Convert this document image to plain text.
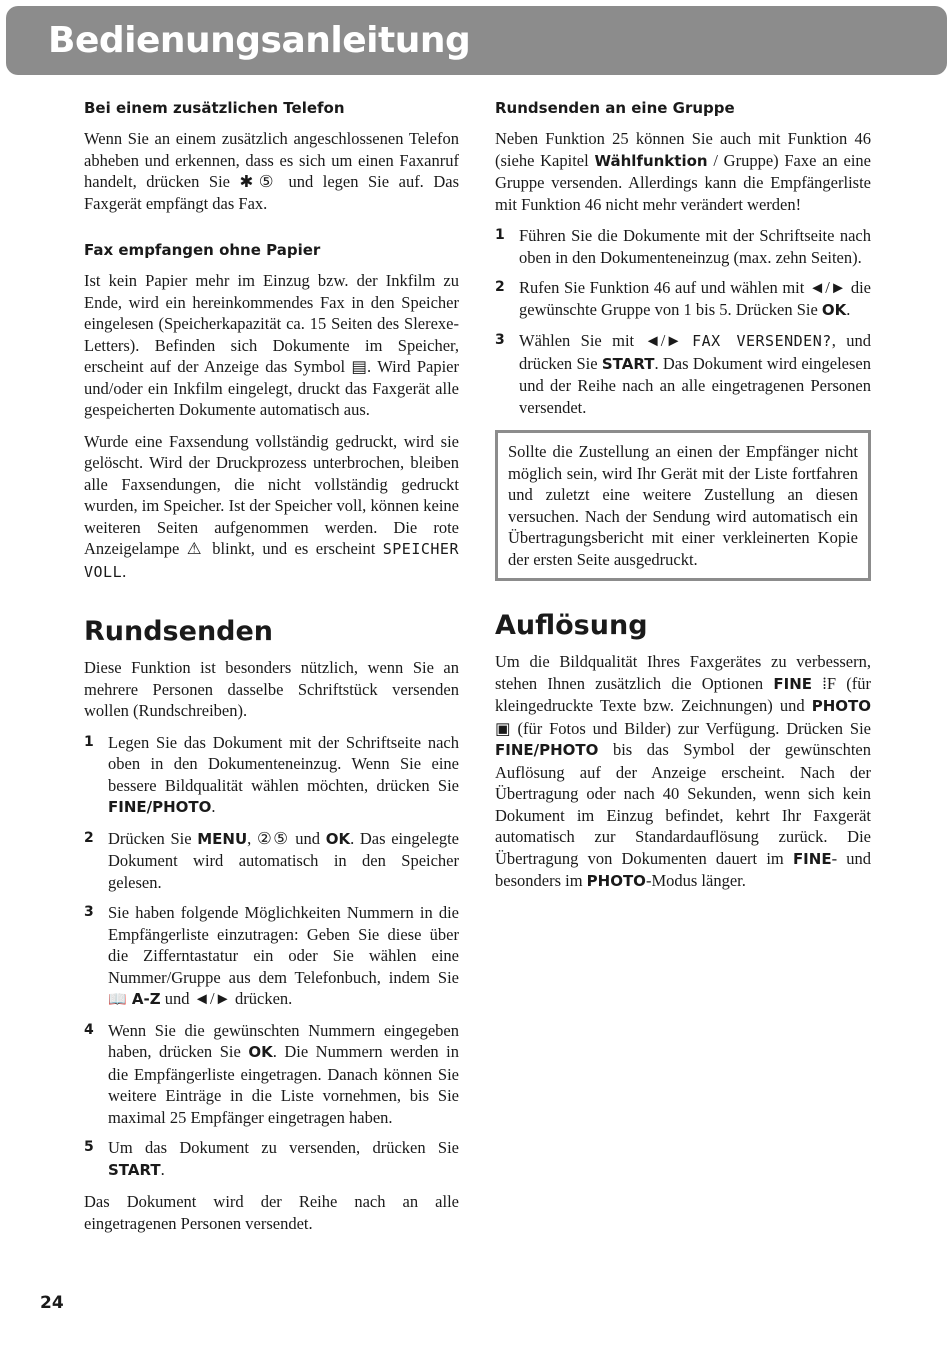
Bedienungsanleitung
Bei einem zusätzlichen Telefon

Wenn Sie an einem zusätzlich angeschlossenen Telefon abheben und erkennen, dass es sich um einen Faxanruf handelt, drücken Sie ✱⑤ und legen Sie auf. Das Faxgerät empfängt das Fax.

Fax empfangen ohne Papier

Ist kein Papier mehr im Einzug bzw. der Inkfilm zu Ende, wird ein hereinkommendes Fax in den Speicher eingelesen (Speicherkapazität ca. 15 Seiten des Slerexe-Letters). Befinden sich Dokumente im Speicher, erscheint auf der Anzeige das Symbol ▤. Wird Papier und/oder ein Inkfilm eingelegt, druckt das Faxgerät alle gespeicherten Dokumente automatisch aus.

Wurde eine Faxsendung vollständig gedruckt, wird sie gelöscht. Wird der Druckprozess unterbrochen, bleiben alle Faxsendungen, die nicht vollständig gedruckt wurden, im Speicher. Ist der Speicher voll, können keine weiteren Seiten aufgenommen werden. Die rote Anzeigelampe ⚠ blinkt, und es erscheint SPEICHER VOLL.

Rundsenden

Diese Funktion ist besonders nützlich, wenn Sie an mehrere Personen dasselbe Schriftstück versenden wollen (Rundschreiben).

1 Legen Sie das Dokument mit der Schriftseite nach oben in den Dokumenteneinzug. Wenn Sie eine bessere Bildqualität wählen möchten, drücken Sie FINE/PHOTO.
2 Drücken Sie MENU, ②⑤ und OK. Das eingelegte Dokument wird automatisch in den Speicher gelesen.
3 Sie haben folgende Möglichkeiten Nummern in die Empfängerliste einzutragen: Geben Sie diese über die Zifferntastatur ein oder Sie wählen eine Nummer/Gruppe aus dem Telefonbuch, indem Sie 📖 A-Z und ◄/► drücken.
4 Wenn Sie die gewünschten Nummern eingegeben haben, drücken Sie OK. Die Nummern werden in die Empfängerliste eingetragen. Danach können Sie weitere Einträge in die Liste vornehmen, bis Sie maximal 25 Empfänger eingetragen haben.
5 Um das Dokument zu versenden, drücken Sie START.

Das Dokument wird der Reihe nach an alle eingetragenen Personen versendet.

Rundsenden an eine Gruppe

Neben Funktion 25 können Sie auch mit Funktion 46 (siehe Kapitel Wählfunktion / Gruppe) Faxe an eine Gruppe versenden. Allerdings kann die Empfängerliste mit Funktion 46 nicht mehr verändert werden!

1 Führen Sie die Dokumente mit der Schriftseite nach oben in den Dokumenteneinzug (max. zehn Seiten).
2 Rufen Sie Funktion 46 auf und wählen mit ◄/► die gewünschte Gruppe von 1 bis 5. Drücken Sie OK.
3 Wählen Sie mit ◄/► FAX VERSENDEN?, und drücken Sie START. Das Dokument wird eingelesen und der Reihe nach an alle eingetragenen Personen versendet.

Sollte die Zustellung an einen der Empfänger nicht möglich sein, wird Ihr Gerät mit der Liste fortfahren und zuletzt eine weitere Zustellung an diesen versuchen. Nach der Sendung wird automatisch ein Übertragungsbericht mit einer verkleinerten Kopie der ersten Seite ausgedruckt.

Auflösung

Um die Bildqualität Ihres Faxgerätes zu verbessern, stehen Ihnen zusätzlich die Optionen FINE ⁞F (für kleingedruckte Texte bzw. Zeichnungen) und PHOTO ▣ (für Fotos und Bilder) zur Verfügung. Drücken Sie FINE/PHOTO bis das Symbol der gewünschten Auflösung auf der Anzeige erscheint. Nach der Übertragung oder nach 40 Sekunden, wenn sich kein Dokument im Einzug befindet, kehrt Ihr Faxgerät automatisch zur Standardauflösung zurück. Die Übertragung von Dokumenten dauert im FINE- und besonders im PHOTO-Modus länger.

24
